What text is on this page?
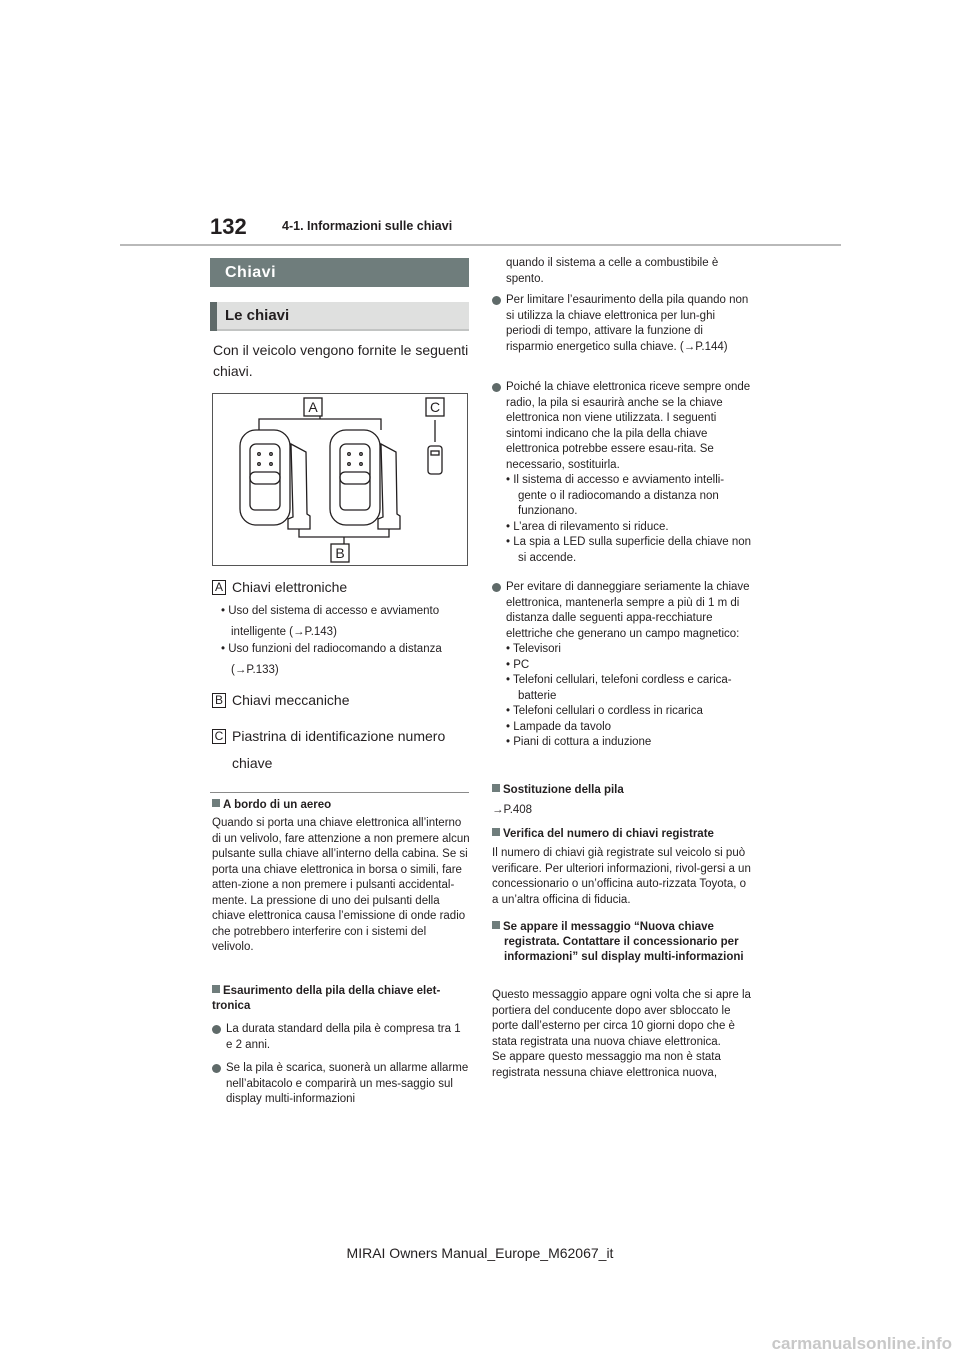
132	4-1. Informazioni sulle chiavi
Chiavi
Le chiavi
Con il veicolo vengono fornite le seguenti chiavi.
A	C
B
A Chiavi elettroniche
• Uso del sistema di accesso e avviamento
intelligente (→P.143)
• Uso funzioni del radiocomando a distanza
(→P.133)
B Chiavi meccaniche
C Piastrina di identificazione numero
chiave
A bordo di un aereo
Quando si porta una chiave elettronica all’interno di un velivolo, fare attenzione a non premere alcun pulsante sulla chiave all’interno della cabina. Se si porta una chiave elettronica in borsa o simili, fare atten-zione a non premere i pulsanti accidental-mente. La pressione di uno dei pulsanti della chiave elettronica causa l’emissione di onde radio che potrebbero interferire con i sistemi del velivolo.
Esaurimento della pila della chiave elet-tronica
La durata standard della pila è compresa tra 1 e 2 anni.
Se la pila è scarica, suonerà un allarme allarme nell’abitacolo e comparirà un mes-saggio sul display multi-informazioni
quando il sistema a celle a combustibile è spento.
Per limitare l’esaurimento della pila quando non si utilizza la chiave elettronica per lun-ghi periodi di tempo, attivare la funzione di risparmio energetico sulla chiave. (→P.144)
Poiché la chiave elettronica riceve sempre onde radio, la pila si esaurirà anche se la chiave elettronica non viene utilizzata. I seguenti sintomi indicano che la pila della chiave elettronica potrebbe essere esau-rita. Se necessario, sostituirla.
• Il sistema di accesso e avviamento intelli-gente o il radiocomando a distanza non funzionano.
• L’area di rilevamento si riduce.
• La spia a LED sulla superficie della chiave non si accende.
Per evitare di danneggiare seriamente la chiave elettronica, mantenerla sempre a più di 1 m di distanza dalle seguenti appa-recchiature elettriche che generano un campo magnetico:
• Televisori
• PC
• Telefoni cellulari, telefoni cordless e carica-batterie
• Telefoni cellulari o cordless in ricarica
• Lampade da tavolo
• Piani di cottura a induzione
Sostituzione della pila
→P.408
Verifica del numero di chiavi registrate
Il numero di chiavi già registrate sul veicolo si può verificare. Per ulteriori informazioni, rivol-gersi a un concessionario o un’officina auto-rizzata Toyota, o a un’altra officina di fiducia.
Se appare il messaggio “Nuova chiave registrata. Contattare il concessionario per informazioni” sul display multi-informazioni
Questo messaggio appare ogni volta che si apre la portiera del conducente dopo aver sbloccato le porte dall’esterno per circa 10 giorni dopo che è stata registrata una nuova chiave elettronica.
Se appare questo messaggio ma non è stata registrata nessuna chiave elettronica nuova,
MIRAI Owners Manual_Europe_M62067_it
carmanualsonline.info
